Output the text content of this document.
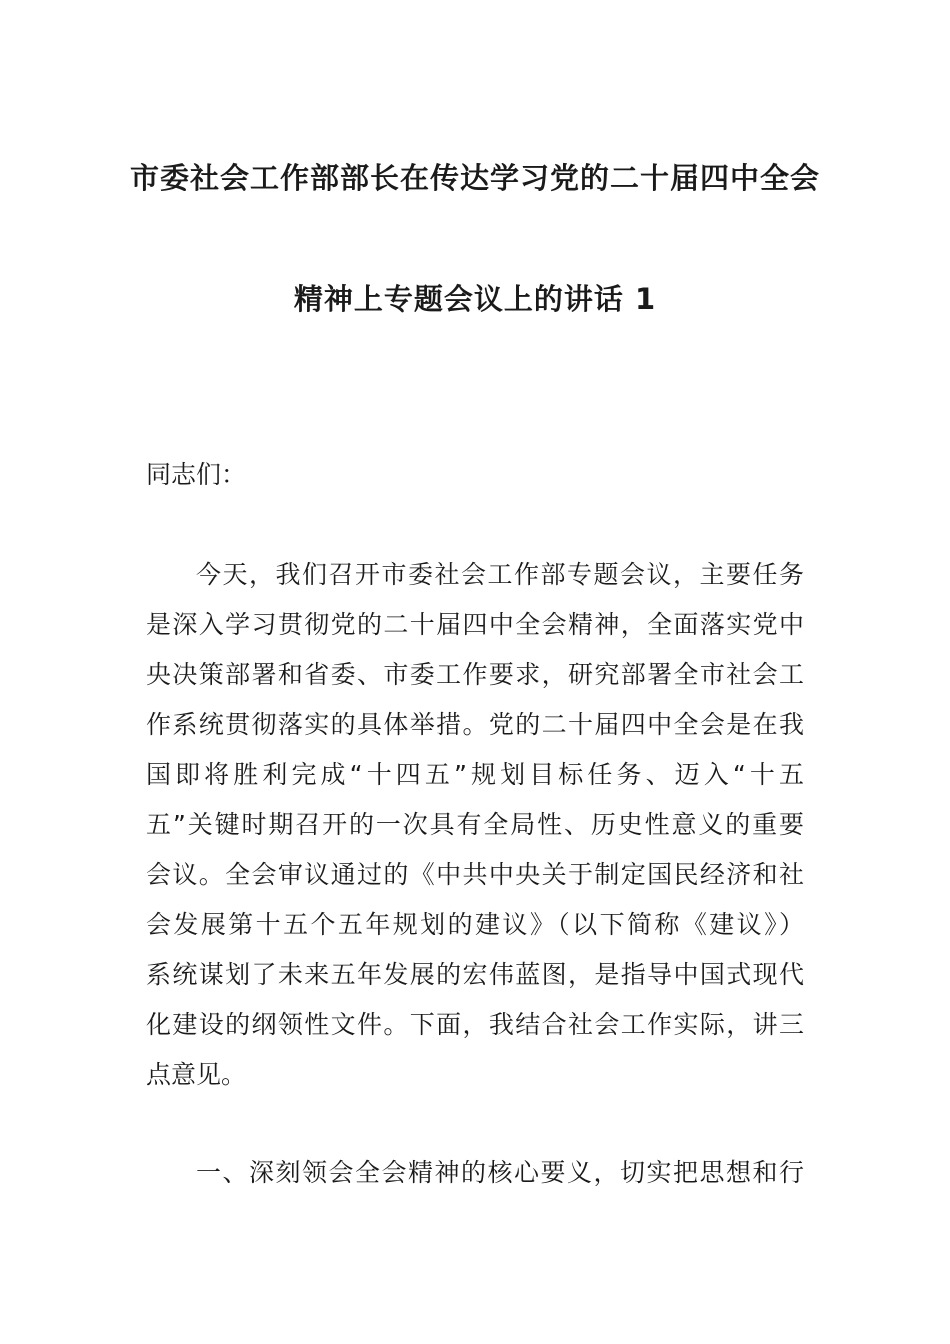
市委社会工作部部长在传达学习党的二十届四中全会
精神上专题会议上的讲话 1
同志们：
今天，我们召开市委社会工作部专题会议，主要任务
是深入学习贯彻党的二十届四中全会精神，全面落实党中
央决策部署和省委、市委工作要求，研究部署全市社会工
作系统贯彻落实的具体举措。党的二十届四中全会是在我
国即将胜利完成“十四五”规划目标任务、迈入“十五
五”关键时期召开的一次具有全局性、历史性意义的重要
会议。全会审议通过的《中共中央关于制定国民经济和社
会发展第十五个五年规划的建议》（以下简称《建议》）
系统谋划了未来五年发展的宏伟蓝图，是指导中国式现代
化建设的纲领性文件。下面，我结合社会工作实际，讲三
点意见。
一、深刻领会全会精神的核心要义，切实把思想和行
